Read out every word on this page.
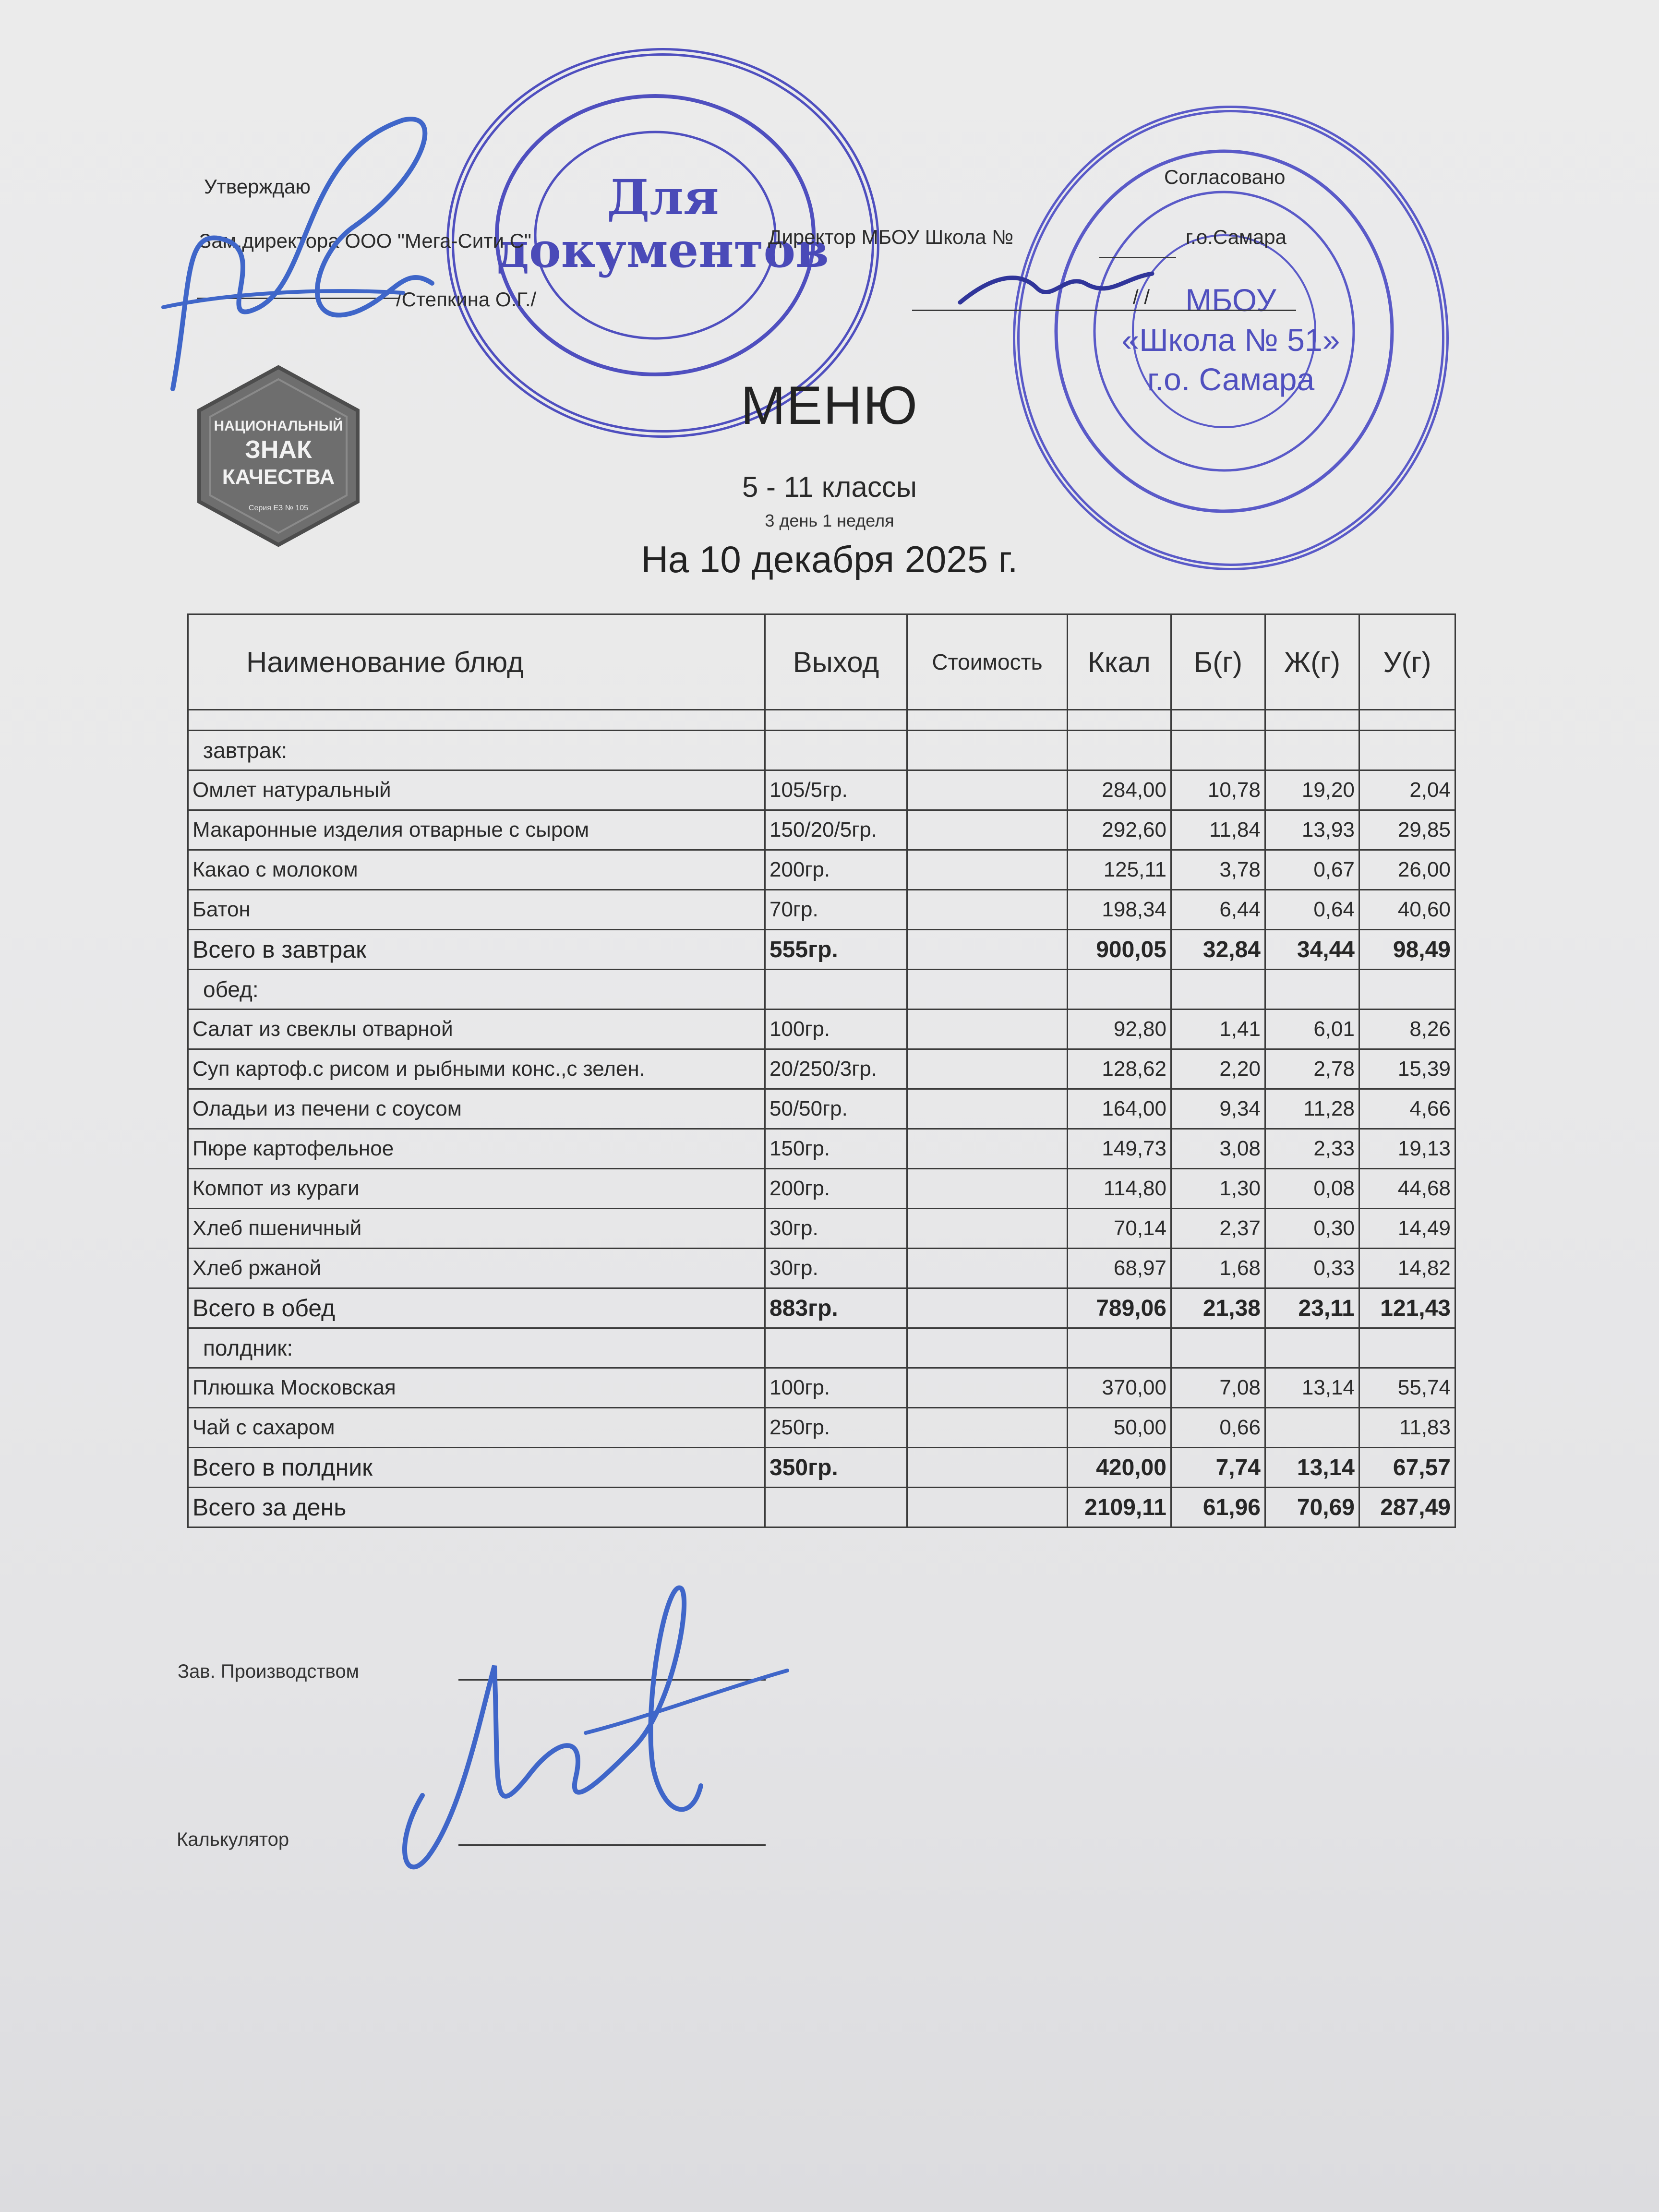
Для
документов
МБОУ
«Школа № 51»
г.о. Самара
Утверждаю
Зам.директора ООО "Мега-Сити С"
/Степкина О.Г./
Согласовано
Директор МБОУ Школа №	г.о.Самара
/ /
НАЦИОНАЛЬНЫЙ
ЗНАК
КАЧЕСТВА
Серия ЕЗ № 105
МЕНЮ
5 - 11 классы
3 день 1 неделя
На 10 декабря 2025 г.
Наименование блюд	Выход	Стоимость	Ккал	Б(г)	Ж(г)	У(г)

завтрак:						
Омлет натуральный	105/5гр.		284,00	10,78	19,20	2,04
Макаронные изделия отварные с сыром	150/20/5гр.		292,60	11,84	13,93	29,85
Какао с молоком	200гр.		125,11	3,78	0,67	26,00
Батон	70гр.		198,34	6,44	0,64	40,60
Всего в завтрак	555гр.		900,05	32,84	34,44	98,49
обед:						
Салат из свеклы отварной	100гр.		92,80	1,41	6,01	8,26
Суп картоф.с рисом и рыбными конс.,с зелен.	20/250/3гр.		128,62	2,20	2,78	15,39
Оладьи из печени с соусом	50/50гр.		164,00	9,34	11,28	4,66
Пюре картофельное	150гр.		149,73	3,08	2,33	19,13
Компот из кураги	200гр.		114,80	1,30	0,08	44,68
Хлеб пшеничный	30гр.		70,14	2,37	0,30	14,49
Хлеб ржаной	30гр.		68,97	1,68	0,33	14,82
Всего в обед	883гр.		789,06	21,38	23,11	121,43
полдник:						
Плюшка Московская	100гр.		370,00	7,08	13,14	55,74
Чай с сахаром	250гр.		50,00	0,66		11,83
Всего в полдник	350гр.		420,00	7,74	13,14	67,57
Всего за день			2109,11	61,96	70,69	287,49
Зав. Производством
Калькулятор
